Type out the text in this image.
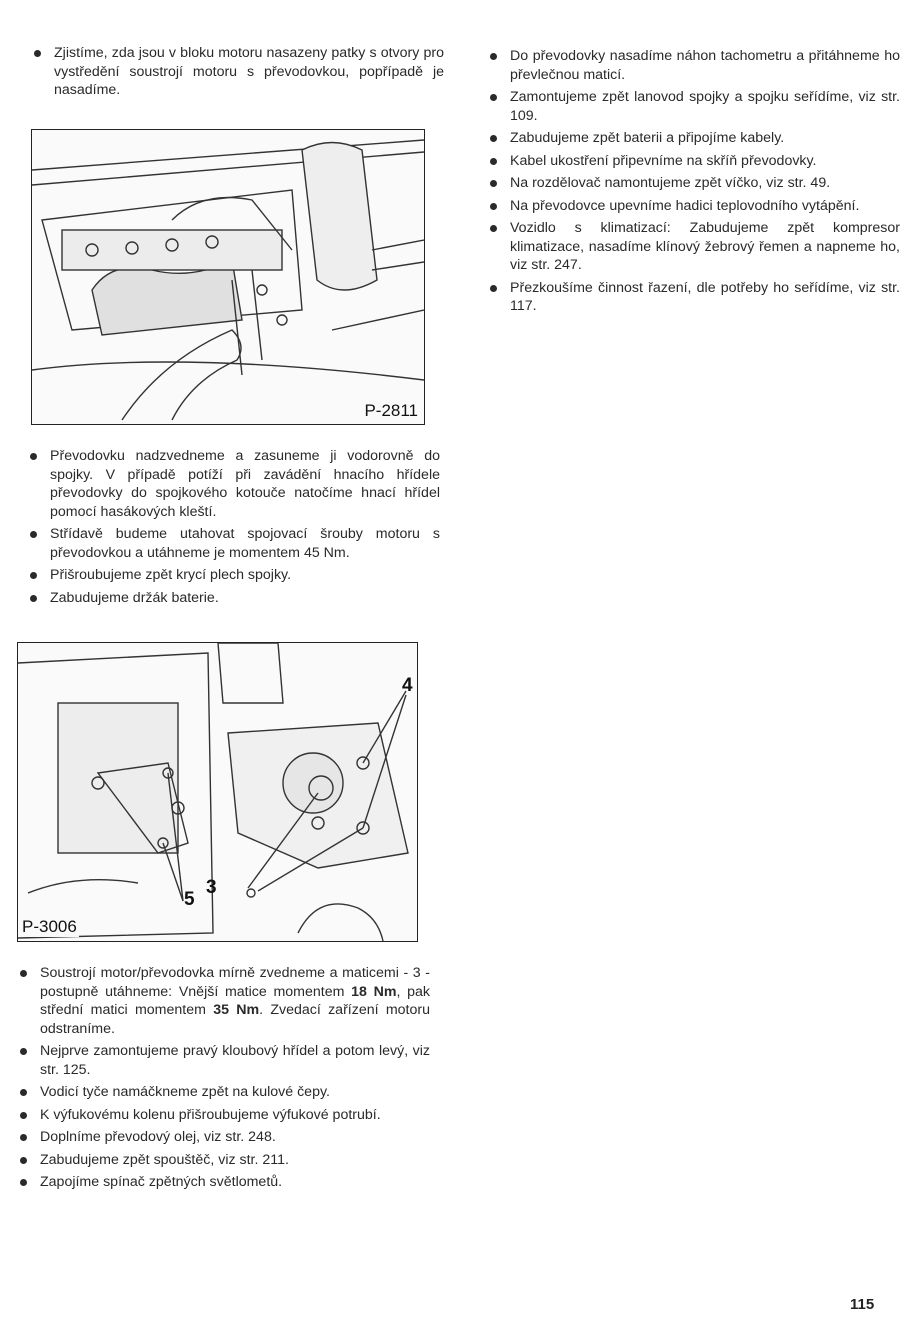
Zjistíme, zda jsou v bloku motoru nasazeny patky s otvory pro vystředění soustrojí motoru s převodovkou, popřípadě je nasadíme.
P-2811
Převodovku nadzvedneme a zasuneme ji vodorovně do spojky. V případě potíží při zavádění hnacího hřídele převodovky do spojkového kotouče natočíme hnací hřídel pomocí hasákových kleští.
Střídavě budeme utahovat spojovací šrouby motoru s převodovkou a utáhneme je momentem 45 Nm.
Přišroubujeme zpět krycí plech spojky.
Zabudujeme držák baterie.
4
5
3
P-3006
Soustrojí motor/převodovka mírně zvedneme a maticemi - 3 - postupně utáhneme: Vnější matice momentem 18 Nm, pak střední matici momentem 35 Nm. Zvedací zařízení motoru odstraníme.
Nejprve zamontujeme pravý kloubový hřídel a potom levý, viz str. 125.
Vodicí tyče namáčkneme zpět na kulové čepy.
K výfukovému kolenu přišroubujeme výfukové potrubí.
Doplníme převodový olej, viz str. 248.
Zabudujeme zpět spouštěč, viz str. 211.
Zapojíme spínač zpětných světlometů.
Do převodovky nasadíme náhon tachometru a přitáhneme ho převlečnou maticí.
Zamontujeme zpět lanovod spojky a spojku seřídíme, viz str. 109.
Zabudujeme zpět baterii a připojíme kabely.
Kabel ukostření připevníme na skříň převodovky.
Na rozdělovač namontujeme zpět víčko, viz str. 49.
Na převodovce upevníme hadici teplovodního vytápění.
Vozidlo s klimatizací: Zabudujeme zpět kompresor klimatizace, nasadíme klínový žebrový řemen a napneme ho, viz str. 247.
Přezkoušíme činnost řazení, dle potřeby ho seřídíme, viz str. 117.
115
